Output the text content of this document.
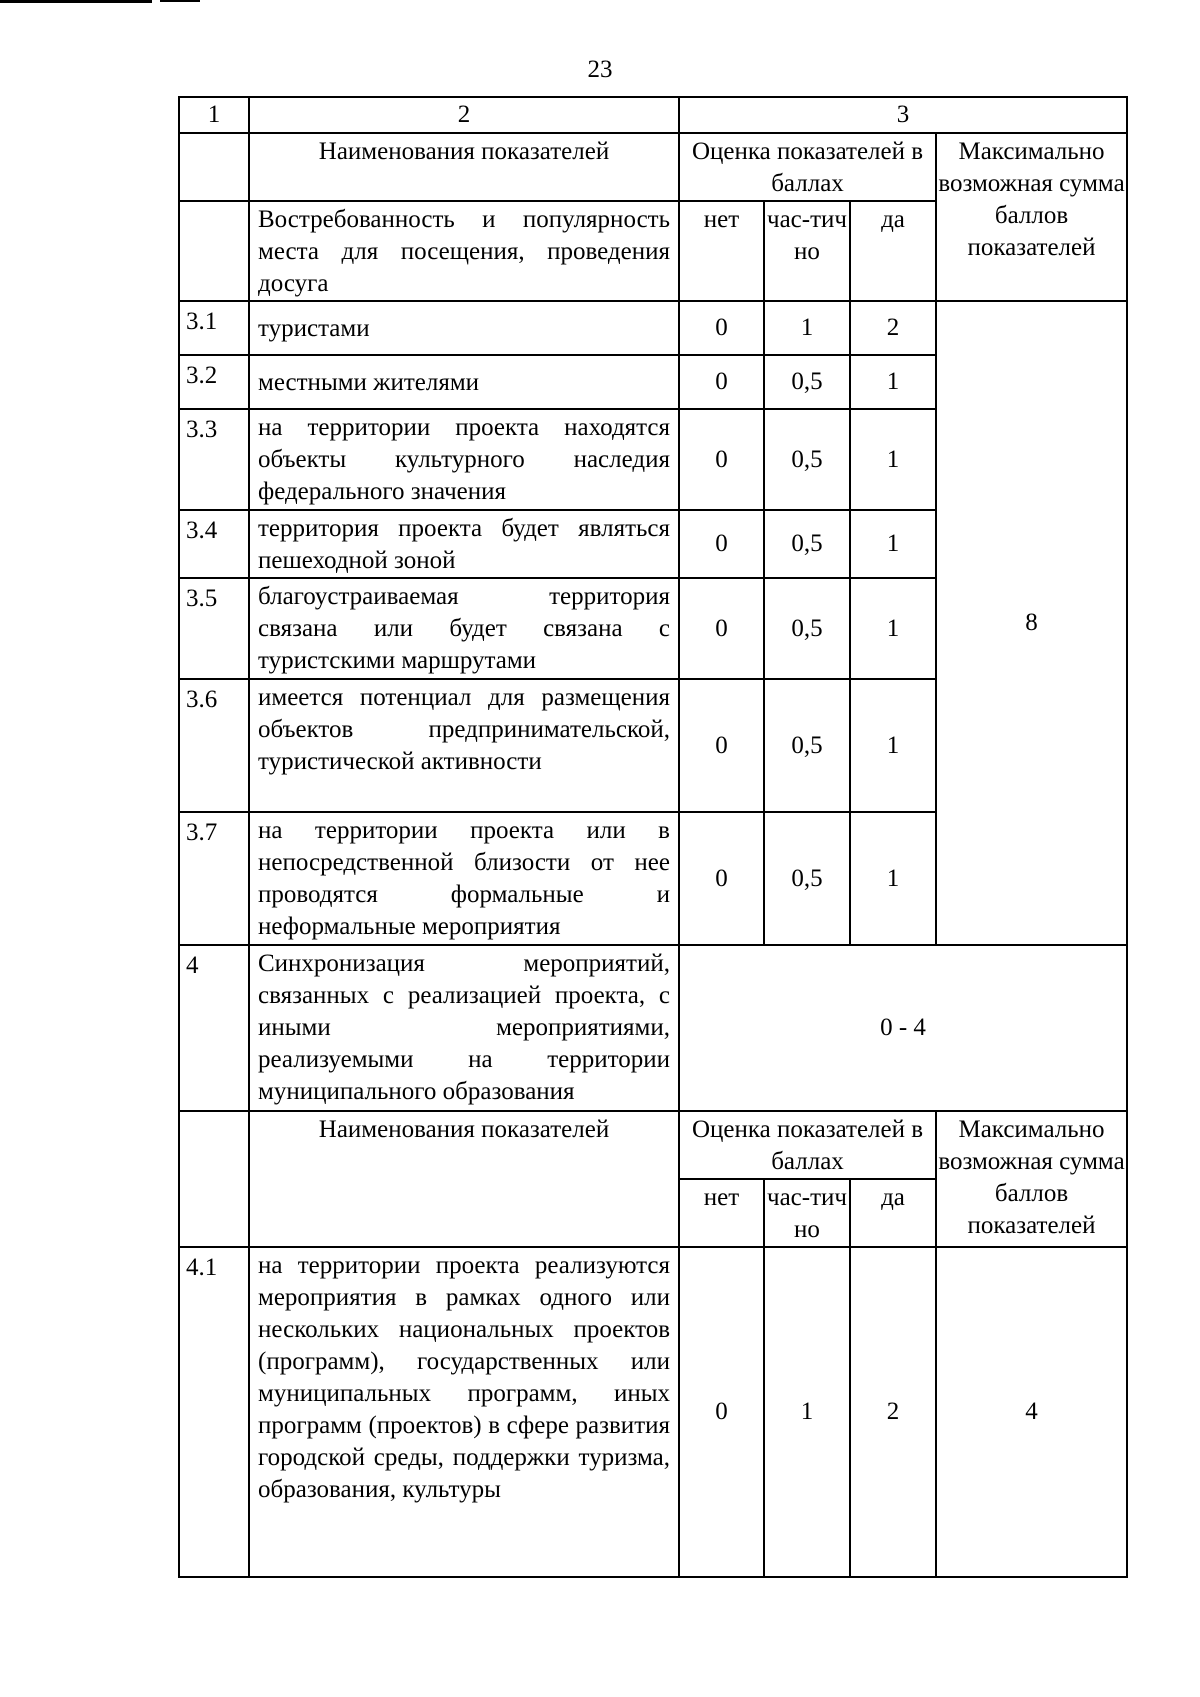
23
1	2	3			
	Наименования показателей	Оценка показателей в баллах			Максимально возможная сумма баллов показателей
	Востребованность и популярность места для посещения, проведения досуга	нет	час-тично	да	
3.1	туристами	0	1	2	8
3.2	местными жителями	0	0,5	1	
3.3	на территории проекта находятся объекты культурного наследия федерального значения	0	0,5	1	
3.4	территория проекта будет являться пешеходной зоной	0	0,5	1	
3.5	благоустраиваемая территория связана или будет связана с туристскими маршрутами	0	0,5	1	
3.6	имеется потенциал для размещения объектов предпринимательской, туристической активности	0	0,5	1	
3.7	на территории проекта или в непосредственной близости от нее проводятся формальные и неформальные мероприятия	0	0,5	1	
4	Синхронизация мероприятий, связанных с реализацией проекта, с иными мероприятиями, реализуемыми на территории муниципального образования	0 - 4			
	Наименования показателей	Оценка показателей в баллах			Максимально возможная сумма баллов показателей
		нет	час-тично	да	
4.1	на территории проекта реализуются мероприятия в рамках одного или нескольких национальных проектов (программ), государственных или муниципальных программ, иных программ (проектов) в сфере развития городской среды, поддержки туризма, образования, культуры	0	1	2	4
